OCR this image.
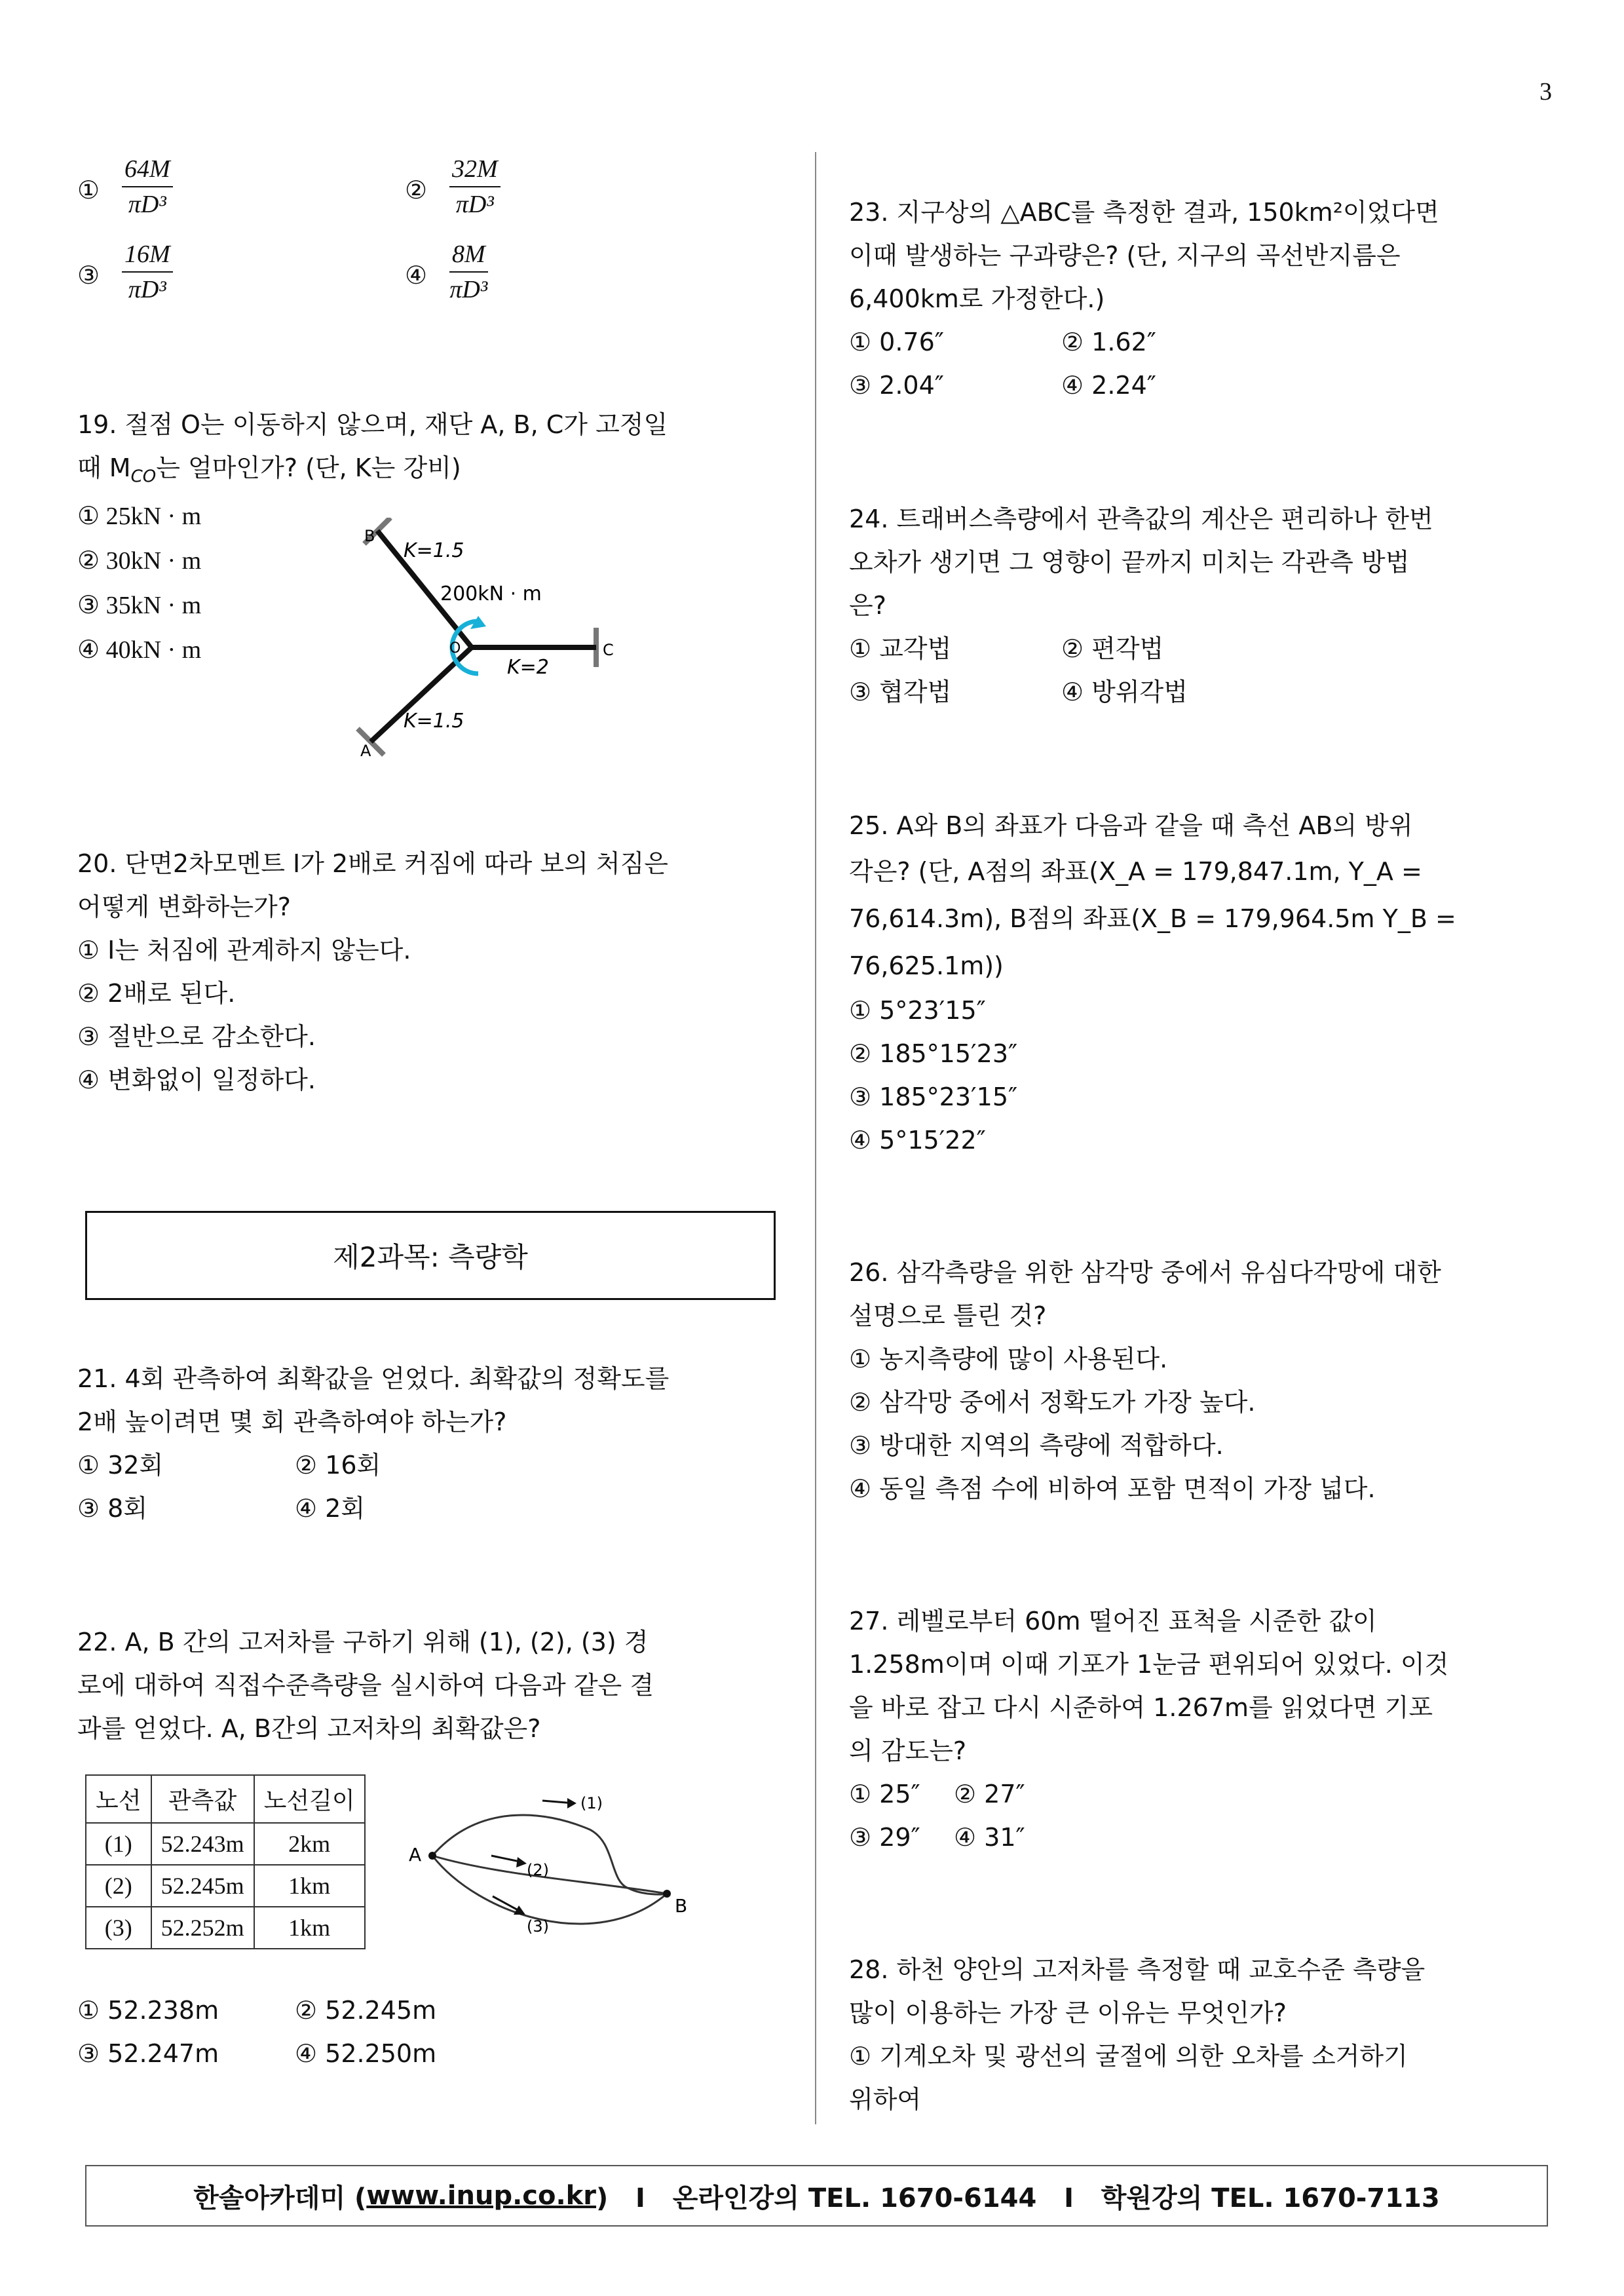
3
①
64M
πD³	②
32M
πD³
③
16M
πD³	④
8M
πD³
19. 절점 O는 이동하지 않으며, 재단 A, B, C가 고정일
때 $M_{CO}$는 얼마인가? (단, K는 강비)
① 25kN · m
② 30kN · m
③ 35kN · m
④ 40kN · m
B
A
C
O
K=1.5
200kN · m
K=2
K=1.5
20. 단면2차모멘트 I가 2배로 커짐에 따라 보의 처짐은
어떻게 변화하는가?
① I는 처짐에 관계하지 않는다.
② 2배로 된다.
③ 절반으로 감소한다.
④ 변화없이 일정하다.
제2과목: 측량학
21. 4회 관측하여 최확값을 얻었다. 최확값의 정확도를
2배 높이려면 몇 회 관측하여야 하는가?
① 32회	② 16회
③ 8회	④ 2회
22. A, B 간의 고저차를 구하기 위해 (1), (2), (3) 경
로에 대하여 직접수준측량을 실시하여 다음과 같은 결
과를 얻었다. A, B간의 고저차의 최확값은?
노선	관측값	노선길이
(1)	52.243m	2km
(2)	52.245m	1km
(3)	52.252m	1km
A
B
(1)
(2)
(3)
① 52.238m	② 52.245m
③ 52.247m	④ 52.250m
23. 지구상의 △ABC를 측정한 결과, 150km²이었다면
이때 발생하는 구과량은? (단, 지구의 곡선반지름은
6,400km로 가정한다.)
① 0.76″	② 1.62″
③ 2.04″	④ 2.24″
24. 트래버스측량에서 관측값의 계산은 편리하나 한번
오차가 생기면 그 영향이 끝까지 미치는 각관측 방법
은?
① 교각법	② 편각법
③ 협각법	④ 방위각법
25. A와 B의 좌표가 다음과 같을 때 측선 AB의 방위
각은? (단, A점의 좌표(X_A = 179,847.1m, Y_A =
76,614.3m), B점의 좌표(X_B = 179,964.5m Y_B =
76,625.1m))
① 5°23′15″
② 185°15′23″
③ 185°23′15″
④ 5°15′22″
26. 삼각측량을 위한 삼각망 중에서 유심다각망에 대한
설명으로 틀린 것?
① 농지측량에 많이 사용된다.
② 삼각망 중에서 정확도가 가장 높다.
③ 방대한 지역의 측량에 적합하다.
④ 동일 측점 수에 비하여 포함 면적이 가장 넓다.
27. 레벨로부터 60m 떨어진 표척을 시준한 값이
1.258m이며 이때 기포가 1눈금 편위되어 있었다. 이것
을 바로 잡고 다시 시준하여 1.267m를 읽었다면 기포
의 감도는?
① 25″ ② 27″
③ 29″ ④ 31″
28. 하천 양안의 고저차를 측정할 때 교호수준 측량을
많이 이용하는 가장 큰 이유는 무엇인가?
① 기계오차 및 광선의 굴절에 의한 오차를 소거하기
위하여
한솔아카데미 ( www.inup.co.kr )   I   온라인강의 TEL. 1670-6144   I   학원강의 TEL. 1670-7113
